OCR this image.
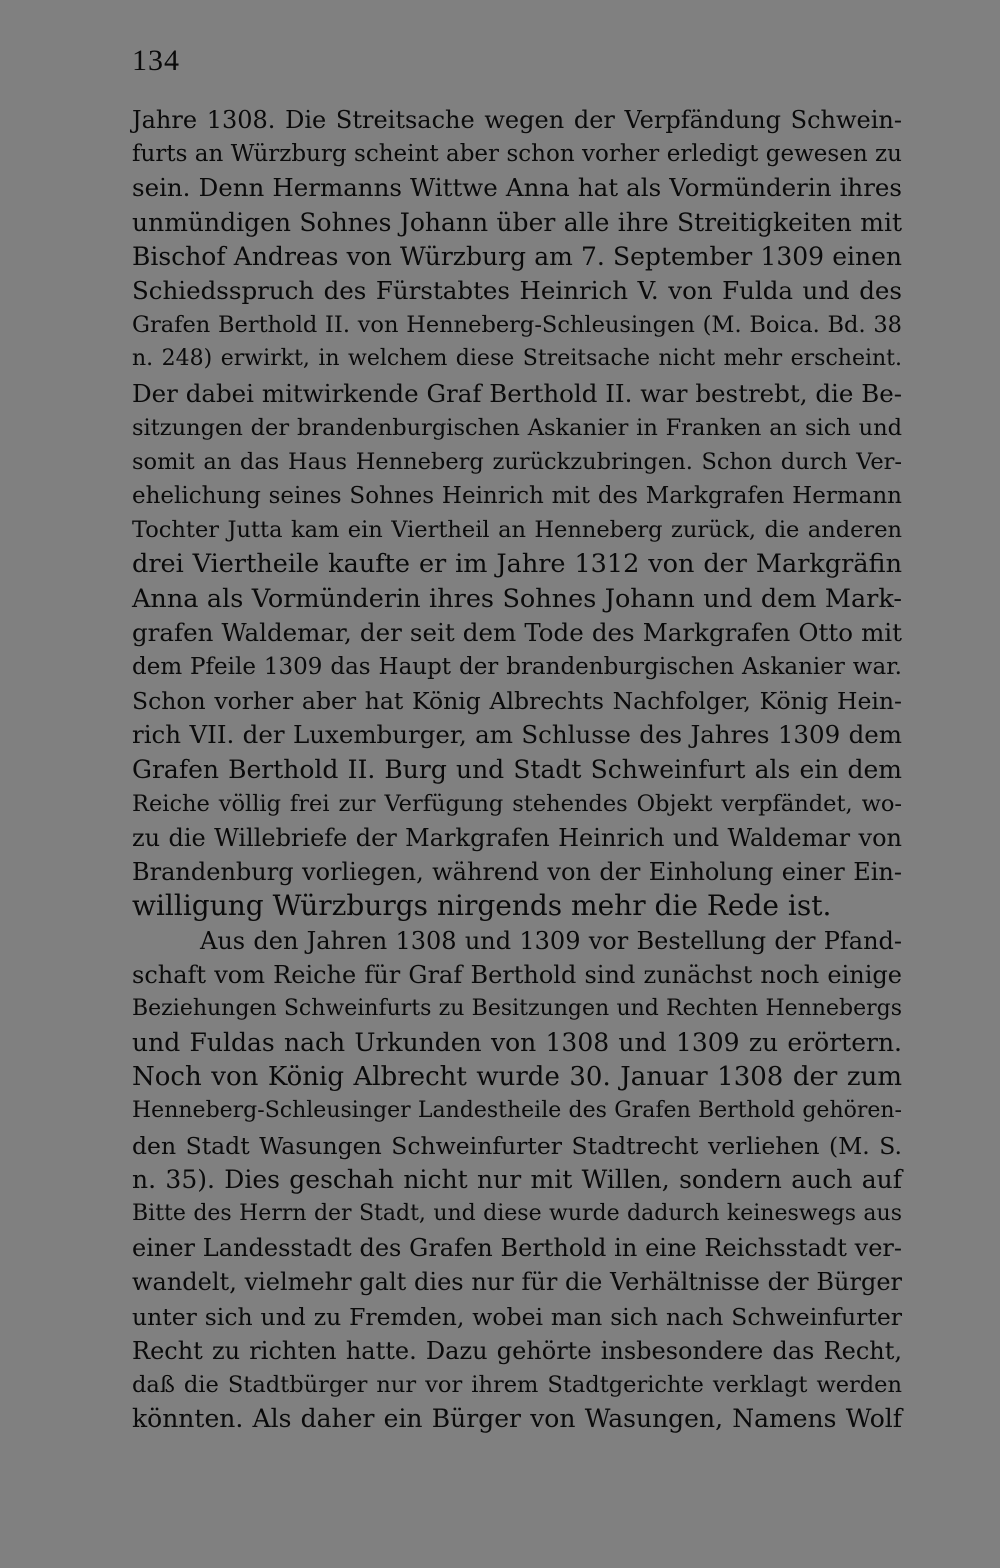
134
Jahre 1308. Die Streitsache wegen der Verpfändung Schwein-
furts an Würzburg scheint aber schon vorher erledigt gewesen zu
sein. Denn Hermanns Wittwe Anna hat als Vormünderin ihres
unmündigen Sohnes Johann über alle ihre Streitigkeiten mit
Bischof Andreas von Würzburg am 7. September 1309 einen
Schiedsspruch des Fürstabtes Heinrich V. von Fulda und des
Grafen Berthold II. von Henneberg-Schleusingen (M. Boica. Bd. 38
n. 248) erwirkt, in welchem diese Streitsache nicht mehr erscheint.
Der dabei mitwirkende Graf Berthold II. war bestrebt, die Be-
sitzungen der brandenburgischen Askanier in Franken an sich und
somit an das Haus Henneberg zurückzubringen. Schon durch Ver-
ehelichung seines Sohnes Heinrich mit des Markgrafen Hermann
Tochter Jutta kam ein Viertheil an Henneberg zurück, die anderen
drei Viertheile kaufte er im Jahre 1312 von der Markgräfin
Anna als Vormünderin ihres Sohnes Johann und dem Mark-
grafen Waldemar, der seit dem Tode des Markgrafen Otto mit
dem Pfeile 1309 das Haupt der brandenburgischen Askanier war.
Schon vorher aber hat König Albrechts Nachfolger, König Hein-
rich VII. der Luxemburger, am Schlusse des Jahres 1309 dem
Grafen Berthold II. Burg und Stadt Schweinfurt als ein dem
Reiche völlig frei zur Verfügung stehendes Objekt verpfändet, wo-
zu die Willebriefe der Markgrafen Heinrich und Waldemar von
Brandenburg vorliegen, während von der Einholung einer Ein-
willigung Würzburgs nirgends mehr die Rede ist.
Aus den Jahren 1308 und 1309 vor Bestellung der Pfand-
schaft vom Reiche für Graf Berthold sind zunächst noch einige
Beziehungen Schweinfurts zu Besitzungen und Rechten Hennebergs
und Fuldas nach Urkunden von 1308 und 1309 zu erörtern.
Noch von König Albrecht wurde 30. Januar 1308 der zum
Henneberg-Schleusinger Landestheile des Grafen Berthold gehören-
den Stadt Wasungen Schweinfurter Stadtrecht verliehen (M. S.
n. 35). Dies geschah nicht nur mit Willen, sondern auch auf
Bitte des Herrn der Stadt, und diese wurde dadurch keineswegs aus
einer Landesstadt des Grafen Berthold in eine Reichsstadt ver-
wandelt, vielmehr galt dies nur für die Verhältnisse der Bürger
unter sich und zu Fremden, wobei man sich nach Schweinfurter
Recht zu richten hatte. Dazu gehörte insbesondere das Recht,
daß die Stadtbürger nur vor ihrem Stadtgerichte verklagt werden
könnten. Als daher ein Bürger von Wasungen, Namens Wolf
